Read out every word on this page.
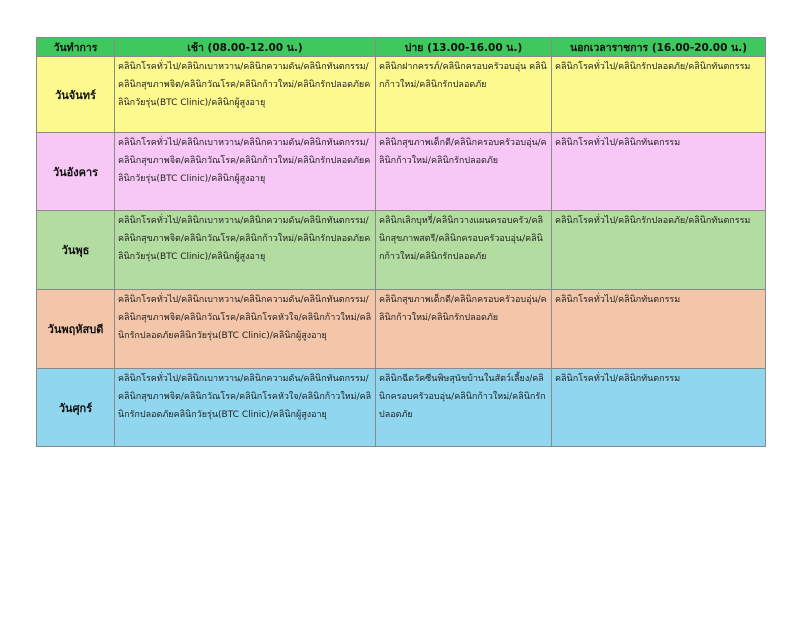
วันทำการ	เช้า (08.00-12.00 น.)	บ่าย (13.00-16.00 น.)	นอกเวลาราชการ (16.00-20.00 น.)
วันจันทร์	คลินิกโรคทั่วไป/คลินิกเบาหวาน/คลินิกความดัน/คลินิกทันตกรรม/คลินิกสุขภาพจิต/คลินิกวัณโรค/คลินิกก้าวใหม่/คลินิกรักปลอดภัยคลินิกวัยรุ่น(BTC Clinic)/คลินิกผู้สูงอายุ	คลินิกฝากครรภ์/คลินิกครอบครัวอบอุ่น คลินิกก้าวใหม่/คลินิกรักปลอดภัย	คลินิกโรคทั่วไป/คลินิกรักปลอดภัย/คลินิกทันตกรรม
วันอังคาร	คลินิกโรคทั่วไป/คลินิกเบาหวาน/คลินิกความดัน/คลินิกทันตกรรม/คลินิกสุขภาพจิต/คลินิกวัณโรค/คลินิกก้าวใหม่/คลินิกรักปลอดภัยคลินิกวัยรุ่น(BTC Clinic)/คลินิกผู้สูงอายุ	คลินิกสุขภาพเด็กดี/คลินิกครอบครัวอบอุ่น/คลินิกก้าวใหม่/คลินิกรักปลอดภัย	คลินิกโรคทั่วไป/คลินิกทันตกรรม
วันพุธ	คลินิกโรคทั่วไป/คลินิกเบาหวาน/คลินิกความดัน/คลินิกทันตกรรม/คลินิกสุขภาพจิต/คลินิกวัณโรค/คลินิกก้าวใหม่/คลินิกรักปลอดภัยคลินิกวัยรุ่น(BTC Clinic)/คลินิกผู้สูงอายุ	คลินิกเลิกบุหรี่/คลินิกวางแผนครอบครัว/คลินิกสุขภาพสตรี/คลินิกครอบครัวอบอุ่น/คลินิกก้าวใหม่/คลินิกรักปลอดภัย	คลินิกโรคทั่วไป/คลินิกรักปลอดภัย/คลินิกทันตกรรม
วันพฤหัสบดี	คลินิกโรคทั่วไป/คลินิกเบาหวาน/คลินิกความดัน/คลินิกทันตกรรม/คลินิกสุขภาพจิต/คลินิกวัณโรค/คลินิกโรคหัวใจ/คลินิกก้าวใหม่/คลินิกรักปลอดภัยคลินิกวัยรุ่น(BTC Clinic)/คลินิกผู้สูงอายุ	คลินิกสุขภาพเด็กดี/คลินิกครอบครัวอบอุ่น/คลินิกก้าวใหม่/คลินิกรักปลอดภัย	คลินิกโรคทั่วไป/คลินิกทันตกรรม
วันศุกร์	คลินิกโรคทั่วไป/คลินิกเบาหวาน/คลินิกความดัน/คลินิกทันตกรรม/คลินิกสุขภาพจิต/คลินิกวัณโรค/คลินิกโรคหัวใจ/คลินิกก้าวใหม่/คลินิกรักปลอดภัยคลินิกวัยรุ่น(BTC Clinic)/คลินิกผู้สูงอายุ	คลินิกฉีดวัคซีนพิษสุนัขบ้านในสัตว์เลี้ยง/คลินิกครอบครัวอบอุ่น/คลินิกก้าวใหม่/คลินิกรักปลอดภัย	คลินิกโรคทั่วไป/คลินิกทันตกรรม
